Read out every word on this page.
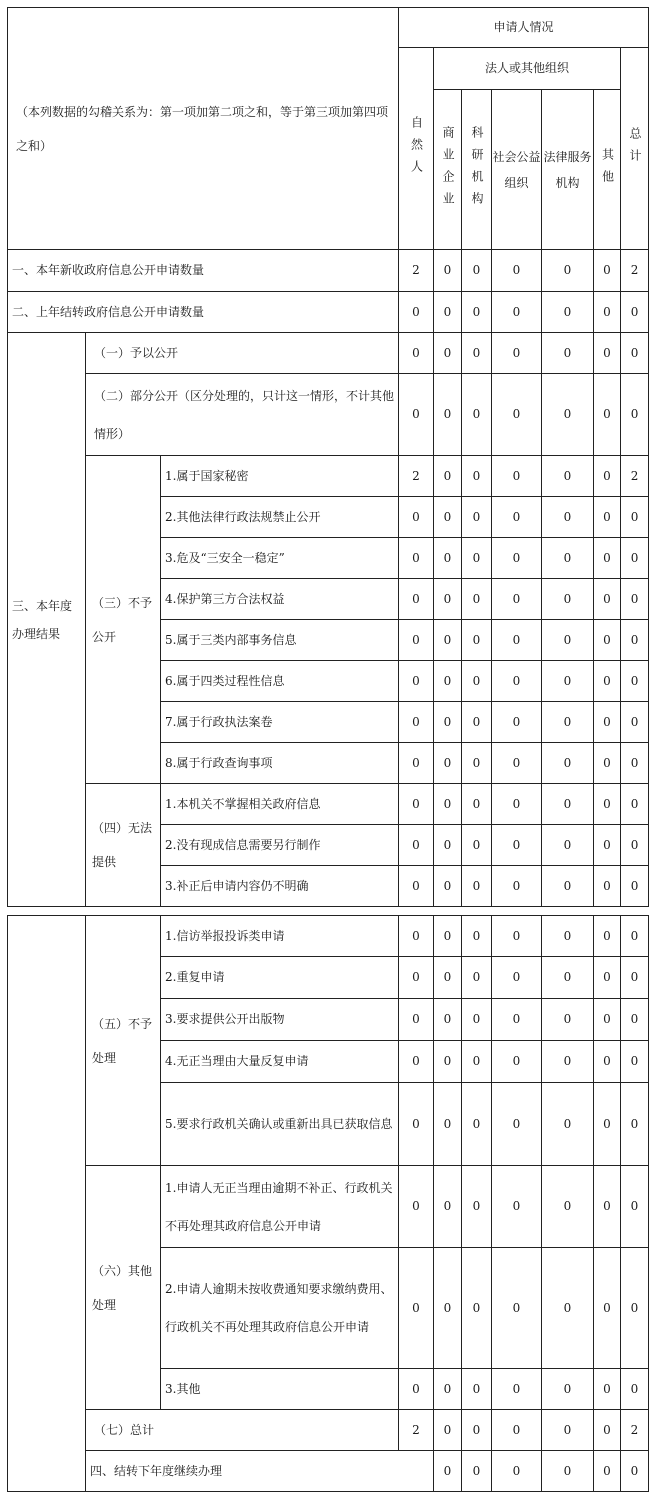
（本列数据的勾稽关系为：第一项加第二项之和，等于第三项加第四项之和）			申请人情况						
			自然人	法人或其他组织					总计
				商业企业	科研机构	社会公益组织	法律服务机构	其他	
一、本年新收政府信息公开申请数量			2	0	0	0	0	0	2
二、上年结转政府信息公开申请数量			0	0	0	0	0	0	0
三、本年度办理结果	（一）予以公开		0	0	0	0	0	0	0
	（二）部分公开（区分处理的，只计这一情形，不计其他情形）		0	0	0	0	0	0	0
	（三）不予公开	1.属于国家秘密	2	0	0	0	0	0	2
		2.其他法律行政法规禁止公开	0	0	0	0	0	0	0
		3.危及“三安全一稳定”	0	0	0	0	0	0	0
		4.保护第三方合法权益	0	0	0	0	0	0	0
		5.属于三类内部事务信息	0	0	0	0	0	0	0
		6.属于四类过程性信息	0	0	0	0	0	0	0
		7.属于行政执法案卷	0	0	0	0	0	0	0
		8.属于行政查询事项	0	0	0	0	0	0	0
	（四）无法提供	1.本机关不掌握相关政府信息	0	0	0	0	0	0	0
		2.没有现成信息需要另行制作	0	0	0	0	0	0	0
		3.补正后申请内容仍不明确	0	0	0	0	0	0	0
	（五）不予处理	1.信访举报投诉类申请	0	0	0	0	0	0	0	
		2.重复申请	0	0	0	0	0	0	0	
		3.要求提供公开出版物	0	0	0	0	0	0	0	
		4.无正当理由大量反复申请	0	0	0	0	0	0	0	
		5.要求行政机关确认或重新出具已获取信息	0	0	0	0	0	0	0	
	（六）其他处理	1.申请人无正当理由逾期不补正、行政机关不再处理其政府信息公开申请	0	0	0	0	0	0	0	
		2.申请人逾期未按收费通知要求缴纳费用、行政机关不再处理其政府信息公开申请	0	0	0	0	0	0	0	
		3.其他	0	0	0	0	0	0	0	
	（七）总计		2	0	0	0	0	0	2	
	四、结转下年度继续办理			0	0	0	0	0	0	
